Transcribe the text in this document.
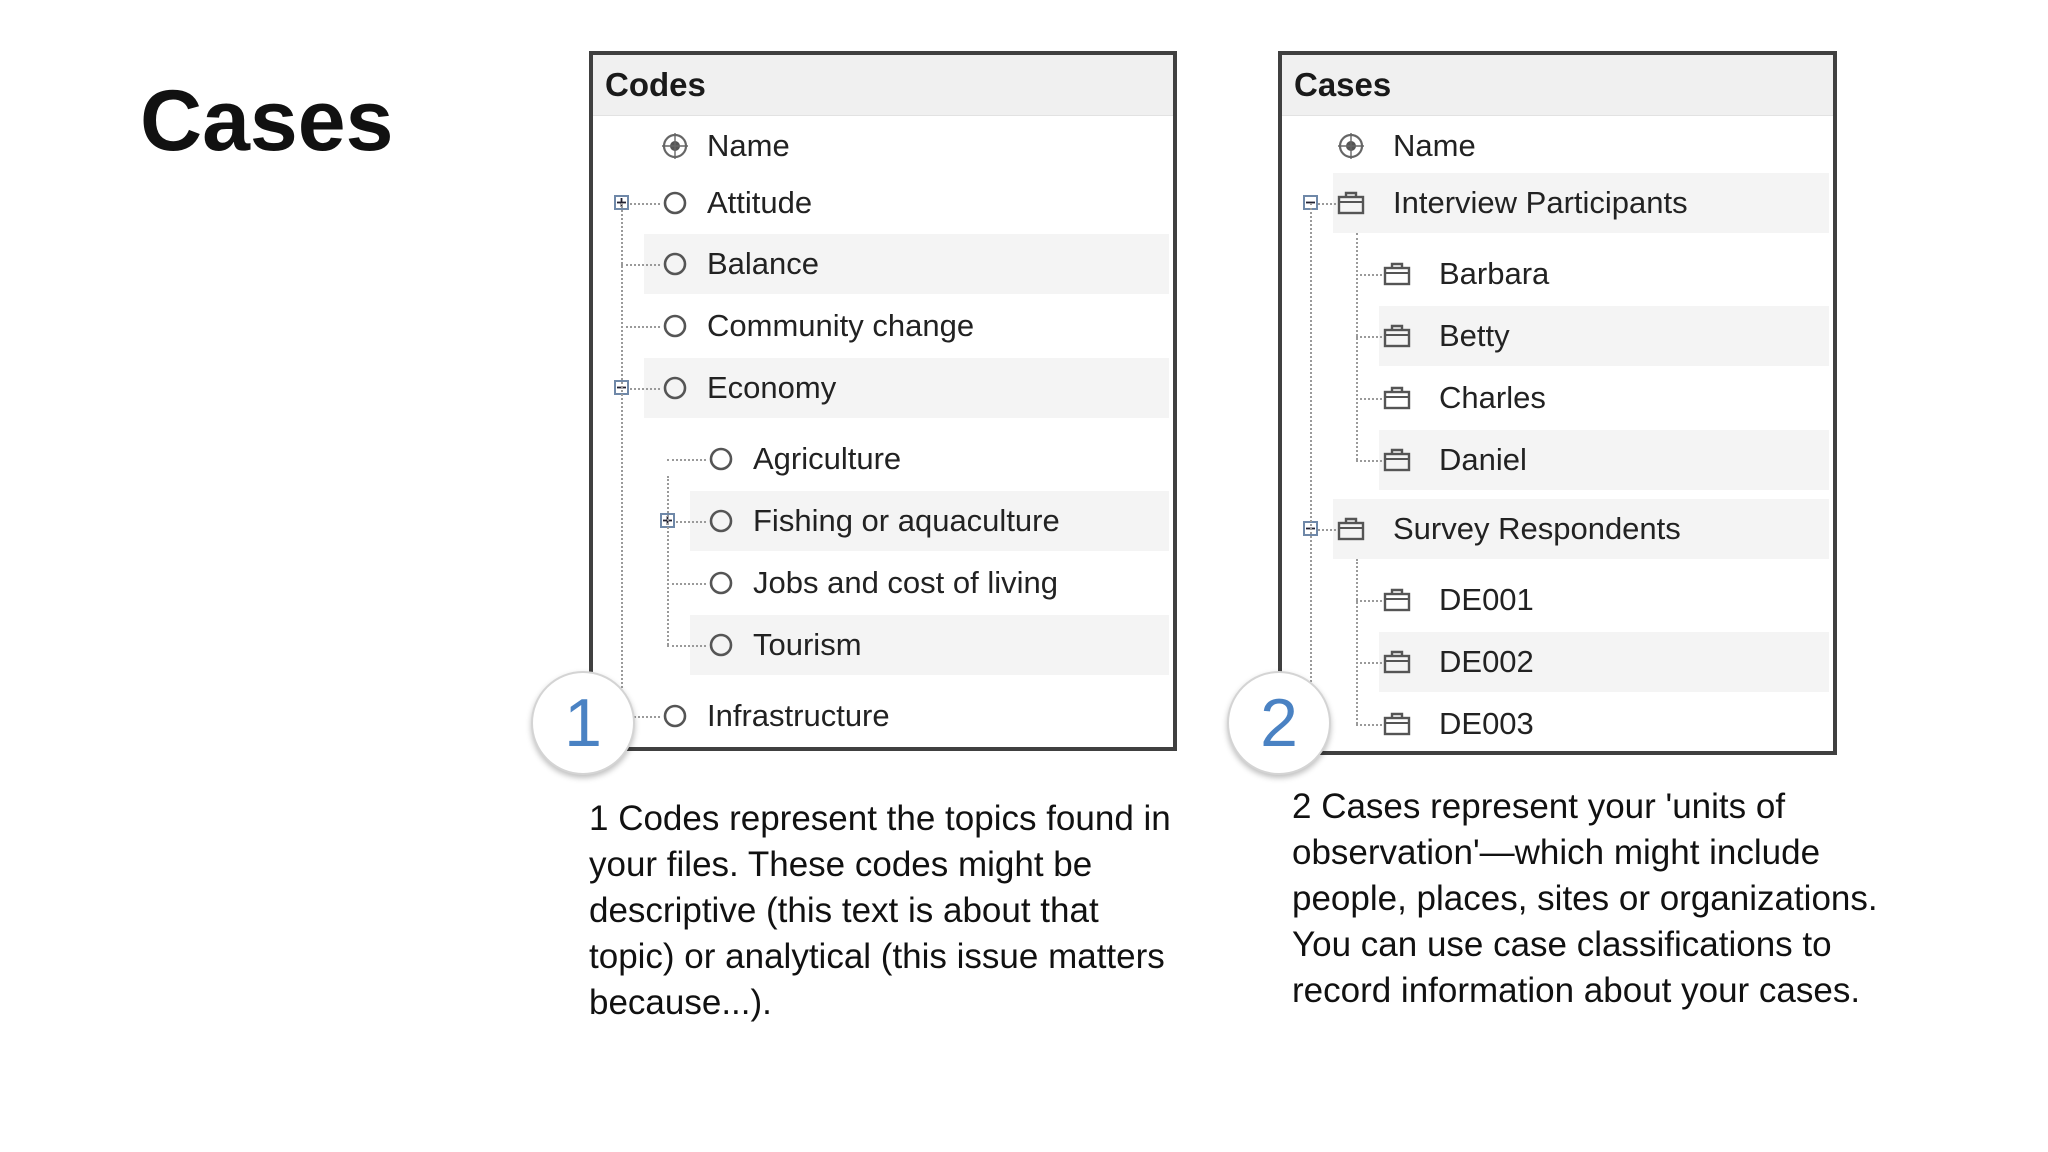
Cases	Codes
Name
Attitude
Balance
Community change
Economy
Agriculture
Fishing or aquaculture
Jobs and cost of living
Tourism
Infrastructure
Cases
Name
Interview Participants
Barbara
Betty
Charles
Daniel
Survey Respondents
DE001
DE002
DE003
1	2
1 Codes represent the topics found in your files. These codes might be descriptive (this text is about that topic) or analytical (this issue matters because...).
2 Cases represent your 'units of observation'—which might include people, places, sites or organizations. You can use case classifications to record information about your cases.
